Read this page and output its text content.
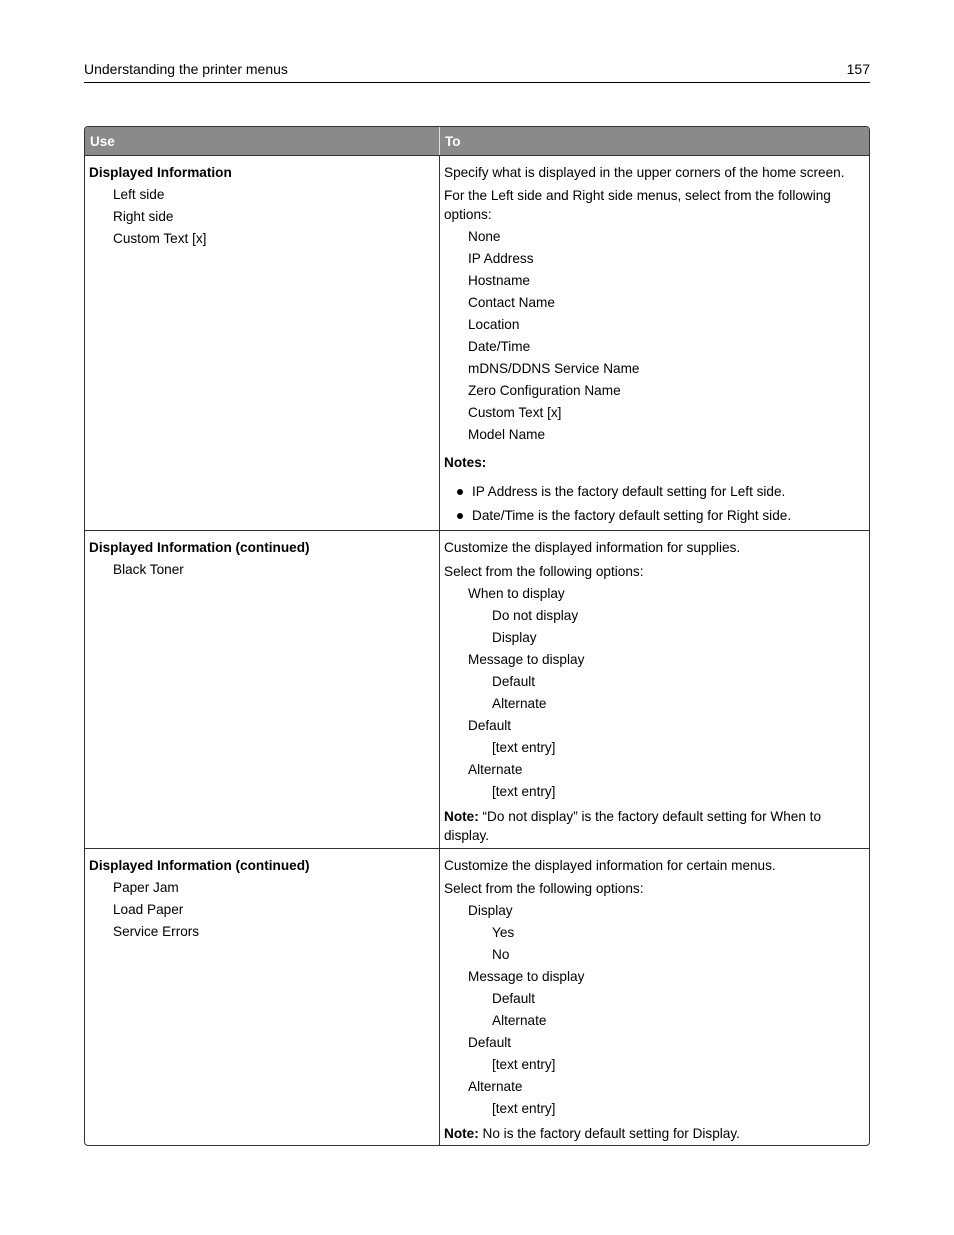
Understanding the printer menus	157
Use	To
Displayed Information
Left side
Right side
Custom Text [x]
Specify what is displayed in the upper corners of the home screen.
For the Left side and Right side menus, select from the following options:
None
IP Address
Hostname
Contact Name
Location
Date/Time
mDNS/DDNS Service Name
Zero Configuration Name
Custom Text [x]
Model Name
Notes:
IP Address is the factory default setting for Left side.
Date/Time is the factory default setting for Right side.
Displayed Information (continued)
Black Toner
Customize the displayed information for supplies.
Select from the following options:
When to display
Do not display
Display
Message to display
Default
Alternate
Default
[text entry]
Alternate
[text entry]
Note: “Do not display” is the factory default setting for When to display.
Displayed Information (continued)
Paper Jam
Load Paper
Service Errors
Customize the displayed information for certain menus.
Select from the following options:
Display
Yes
No
Message to display
Default
Alternate
Default
[text entry]
Alternate
[text entry]
Note: No is the factory default setting for Display.
